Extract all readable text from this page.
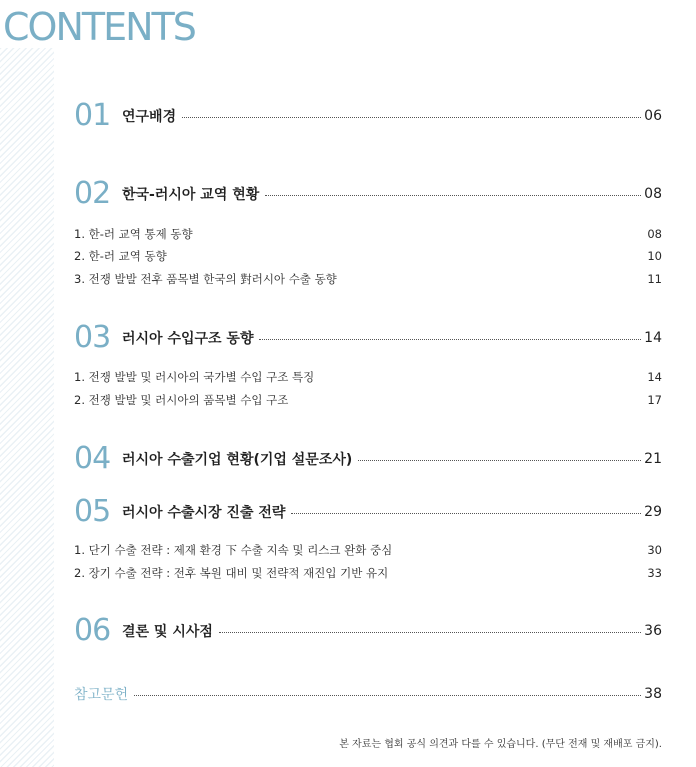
CONTENTS
01 연구배경	06
02 한국-러시아 교역 현황	08
1. 한-러 교역 통제 동향	08
2. 한-러 교역 동향	10
3. 전쟁 발발 전후 품목별 한국의 對러시아 수출 동향	11
03 러시아 수입구조 동향	14
1. 전쟁 발발 및 러시아의 국가별 수입 구조 특징	14
2. 전쟁 발발 및 러시아의 품목별 수입 구조	17
04 러시아 수출기업 현황(기업 설문조사)	21
05 러시아 수출시장 진출 전략	29
1. 단기 수출 전략 : 제재 환경 下 수출 지속 및 리스크 완화 중심	30
2. 장기 수출 전략 : 전후 복원 대비 및 전략적 재진입 기반 유지	33
06 결론 및 시사점	36
참고문헌	38
본 자료는 협회 공식 의견과 다를 수 있습니다. (무단 전재 및 재배포 금지).
